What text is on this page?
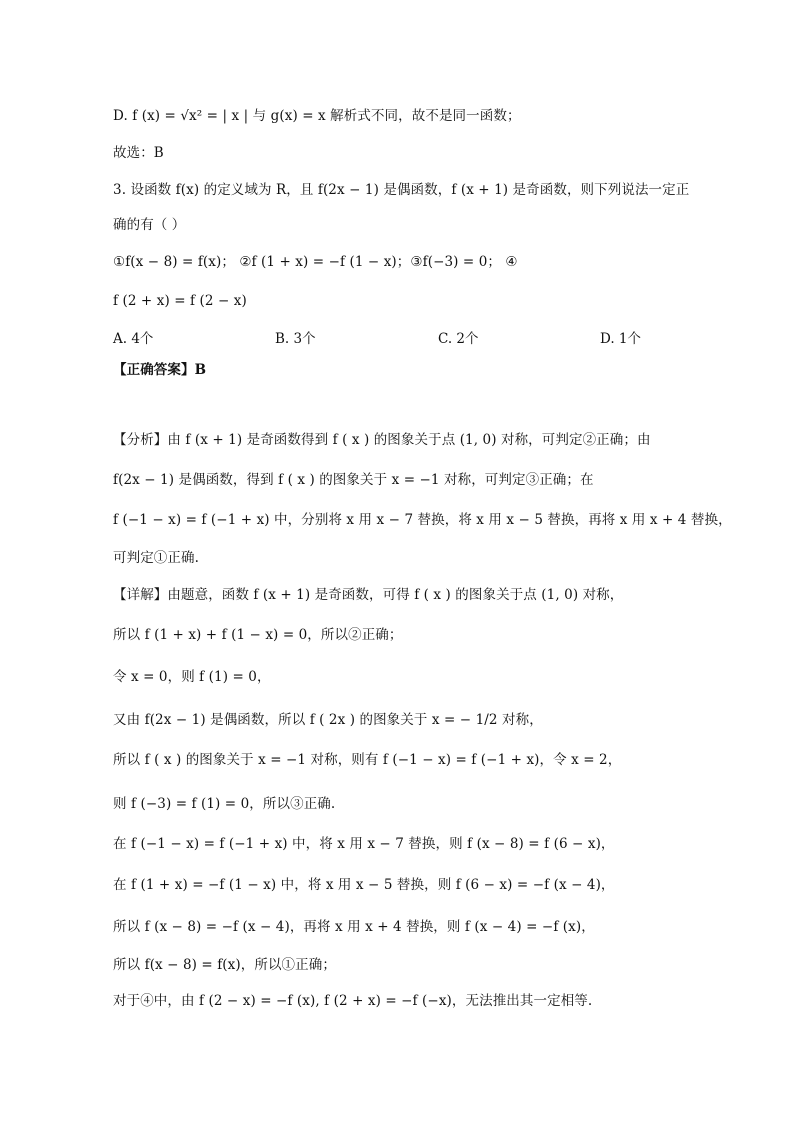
D. f (x) = √x² = | x | 与 g(x) = x 解析式不同，故不是同一函数；
故选：B
3. 设函数 f(x) 的定义域为 R，且 f(2x − 1) 是偶函数，f (x + 1) 是奇函数，则下列说法一定正
确的有（ ）
①f(x − 8) = f(x)； ②f (1 + x) = −f (1 − x)；③f(−3) = 0； ④
f (2 + x) = f (2 − x)
A. 4个	B. 3个	C. 2个	D. 1个
【正确答案】B
【分析】由 f (x + 1) 是奇函数得到 f ( x ) 的图象关于点 (1, 0) 对称，可判定②正确；由
f(2x − 1) 是偶函数，得到 f ( x ) 的图象关于 x = −1 对称，可判定③正确；在
f (−1 − x) = f (−1 + x) 中，分别将 x 用 x − 7 替换，将 x 用 x − 5 替换，再将 x 用 x + 4 替换，
可判定①正确.
【详解】由题意，函数 f (x + 1) 是奇函数，可得 f ( x ) 的图象关于点 (1, 0) 对称，
所以 f (1 + x) + f (1 − x) = 0，所以②正确；
令 x = 0，则 f (1) = 0，
又由 f(2x − 1) 是偶函数，所以 f ( 2x ) 的图象关于 x = − 1/2 对称，
所以 f ( x ) 的图象关于 x = −1 对称，则有 f (−1 − x) = f (−1 + x)，令 x = 2，
则 f (−3) = f (1) = 0，所以③正确.
在 f (−1 − x) = f (−1 + x) 中，将 x 用 x − 7 替换，则 f (x − 8) = f (6 − x)，
在 f (1 + x) = −f (1 − x) 中，将 x 用 x − 5 替换，则 f (6 − x) = −f (x − 4)，
所以 f (x − 8) = −f (x − 4)，再将 x 用 x + 4 替换，则 f (x − 4) = −f (x)，
所以 f(x − 8) = f(x)，所以①正确；
对于④中，由 f (2 − x) = −f (x), f (2 + x) = −f (−x)，无法推出其一定相等.
